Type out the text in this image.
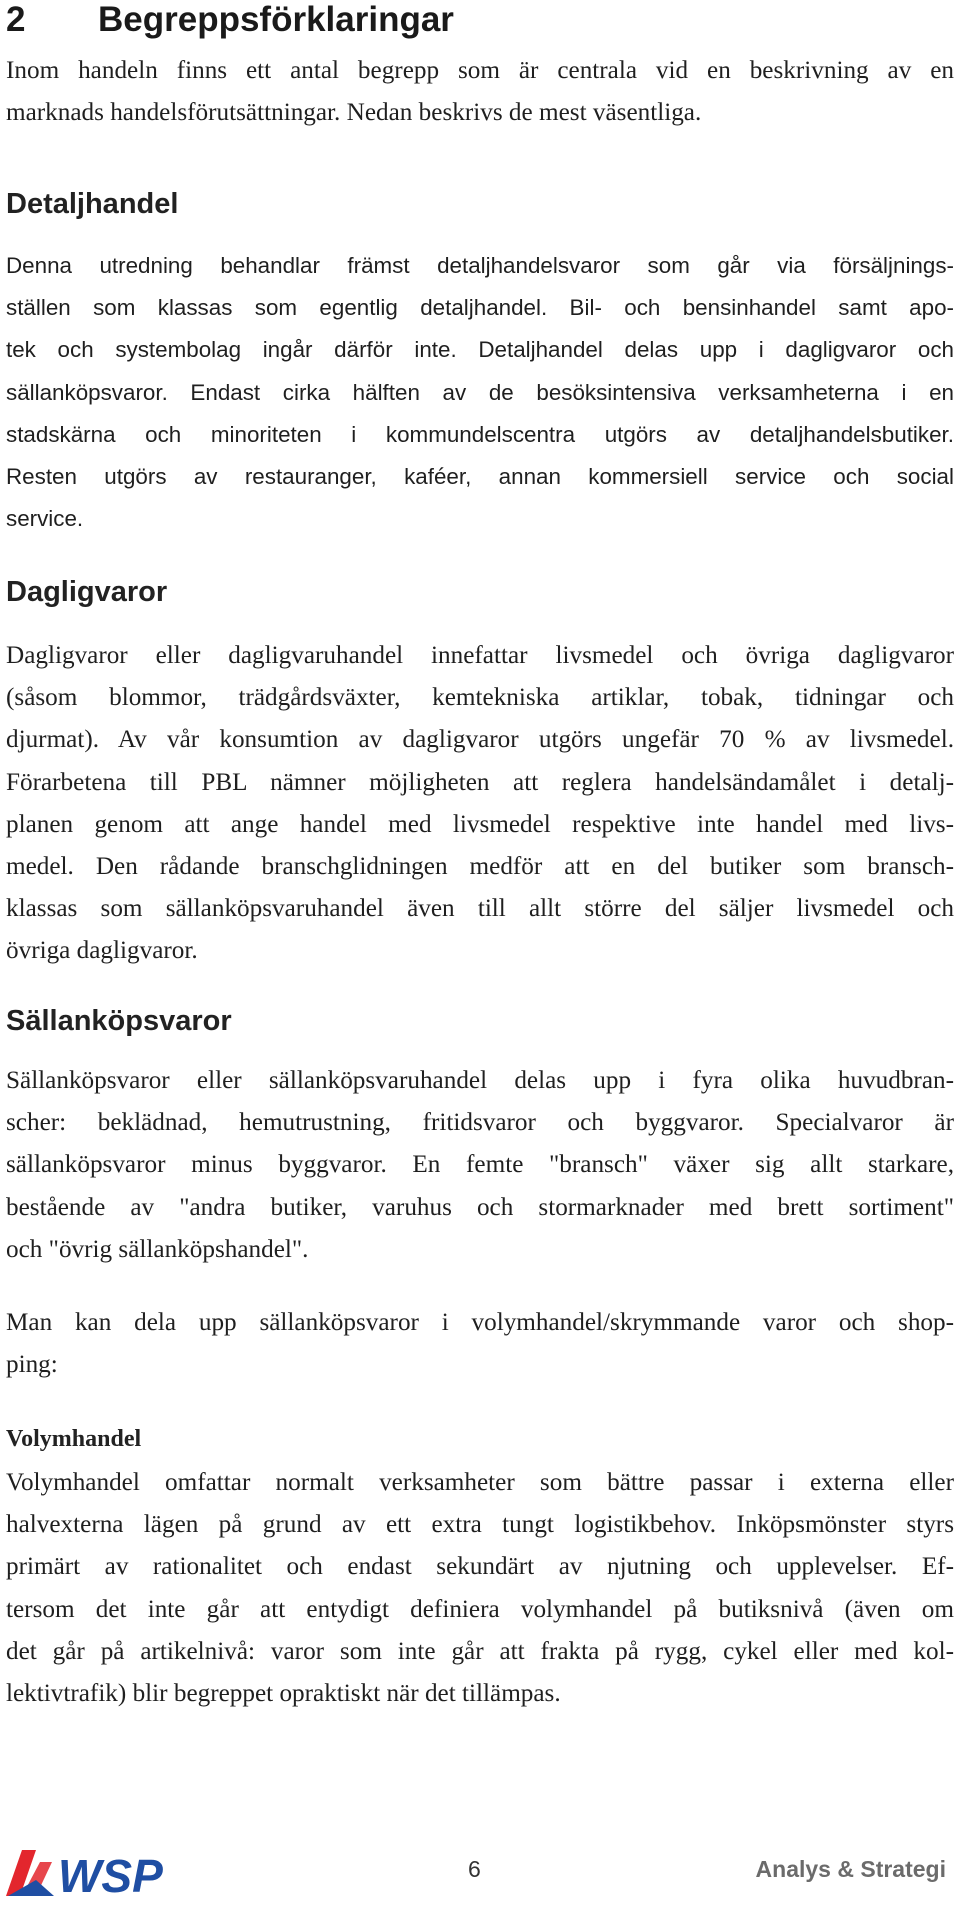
2 Begreppsförklaringar
Inom handeln finns ett antal begrepp som är centrala vid en beskrivning av en
marknads handelsförutsättningar. Nedan beskrivs de mest väsentliga.
Detaljhandel
Denna utredning behandlar främst detaljhandelsvaror som går via försäljnings-
ställen som klassas som egentlig detaljhandel. Bil- och bensinhandel samt apo-
tek och systembolag ingår därför inte. Detaljhandel delas upp i dagligvaror och
sällanköpsvaror. Endast cirka hälften av de besöksintensiva verksamheterna i en
stadskärna och minoriteten i kommundelscentra utgörs av detaljhandelsbutiker.
Resten utgörs av restauranger, kaféer, annan kommersiell service och social
service.
Dagligvaror
Dagligvaror eller dagligvaruhandel innefattar livsmedel och övriga dagligvaror
(såsom blommor, trädgårdsväxter, kemtekniska artiklar, tobak, tidningar och
djurmat). Av vår konsumtion av dagligvaror utgörs ungefär 70 % av livsmedel.
Förarbetena till PBL nämner möjligheten att reglera handelsändamålet i detalj-
planen genom att ange handel med livsmedel respektive inte handel med livs-
medel. Den rådande branschglidningen medför att en del butiker som bransch-
klassas som sällanköpsvaruhandel även till allt större del säljer livsmedel och
övriga dagligvaror.
Sällanköpsvaror
Sällanköpsvaror eller sällanköpsvaruhandel delas upp i fyra olika huvudbran-
scher: beklädnad, hemutrustning, fritidsvaror och byggvaror. Specialvaror är
sällanköpsvaror minus byggvaror. En femte "bransch" växer sig allt starkare,
bestående av "andra butiker, varuhus och stormarknader med brett sortiment"
och "övrig sällanköpshandel".
Man kan dela upp sällanköpsvaror i volymhandel/skrymmande varor och shop-
ping:
Volymhandel
Volymhandel omfattar normalt verksamheter som bättre passar i externa eller
halvexterna lägen på grund av ett extra tungt logistikbehov. Inköpsmönster styrs
primärt av rationalitet och endast sekundärt av njutning och upplevelser. Ef-
tersom det inte går att entydigt definiera volymhandel på butiksnivå (även om
det går på artikelnivå: varor som inte går att frakta på rygg, cykel eller med kol-
lektivtrafik) blir begreppet opraktiskt när det tillämpas.
WSP	6	Analys & Strategi
